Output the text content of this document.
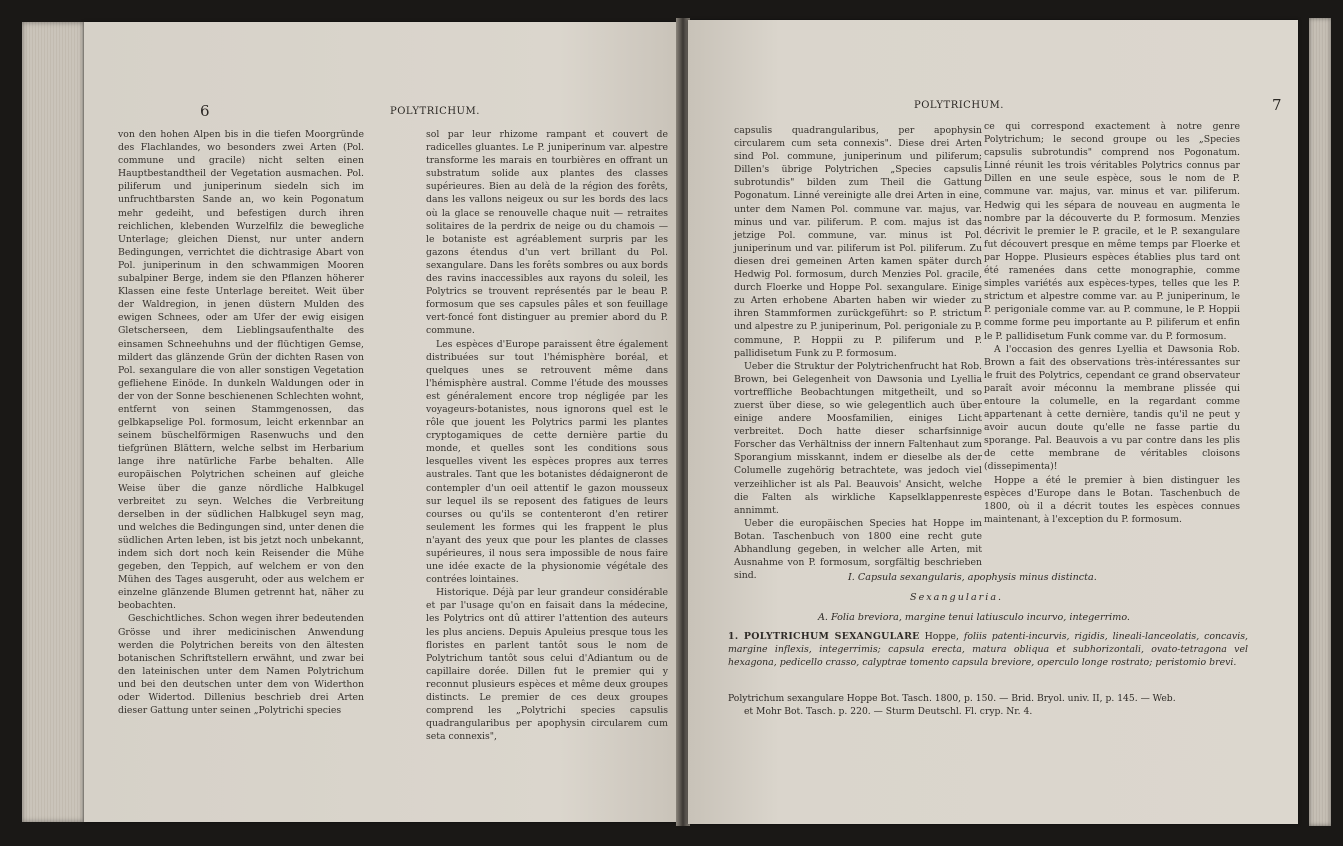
6	POLYTRICHUM.

von den hohen Alpen bis in die tiefen Moorgründe des Flachlandes, wo besonders zwei Arten (Pol. commune und gracile) nicht selten einen Hauptbestandtheil der Vegetation ausmachen. Pol. piliferum und juniperinum siedeln sich im unfruchtbarsten Sande an, wo kein Pogonatum mehr gedeiht, und befestigen durch ihren reichlichen, klebenden Wurzelfilz die bewegliche Unterlage; gleichen Dienst, nur unter andern Bedingungen, verrichtet die dichtrasige Abart von Pol. juniperinum in den schwammigen Mooren subalpiner Berge, indem sie den Pflanzen höherer Klassen eine feste Unterlage bereitet. Weit über der Waldregion, in jenen düstern Mulden des ewigen Schnees, oder am Ufer der ewig eisigen Gletscherseen, dem Lieblingsaufenthalte des einsamen Schneehuhns und der flüchtigen Gemse, mildert das glänzende Grün der dichten Rasen von Pol. sexangulare die von aller sonstigen Vegetation gefliehene Einöde. In dunkeln Waldungen oder in der von der Sonne beschienenen Schlechten wohnt, entfernt von seinen Stammgenossen, das gelbkapselige Pol. formosum, leicht erkennbar an seinem büschelförmigen Rasenwuchs und den tiefgrünen Blättern, welche selbst im Herbarium lange ihre natürliche Farbe behalten. Alle europäischen Polytrichen scheinen auf gleiche Weise über die ganze nördliche Halbkugel verbreitet zu seyn. Welches die Verbreitung derselben in der südlichen Halbkugel seyn mag, und welches die Bedingungen sind, unter denen die südlichen Arten leben, ist bis jetzt noch unbekannt, indem sich dort noch kein Reisender die Mühe gegeben, den Teppich, auf welchem er von den Mühen des Tages ausgeruht, oder aus welchem er einzelne glänzende Blumen getrennt hat, näher zu beobachten.

Geschichtliches. Schon wegen ihrer bedeutenden Grösse und ihrer medicinischen Anwendung werden die Polytrichen bereits von den ältesten botanischen Schriftstellern erwähnt, und zwar bei den lateinischen unter dem Namen Polytrichum und bei den deutschen unter dem von Widerthon oder Widertod. Dillenius beschrieb drei Arten dieser Gattung unter seinen „Polytrichi species

sol par leur rhizome rampant et couvert de radicelles gluantes. Le P. juniperinum var. alpestre transforme les marais en tourbières en offrant un substratum solide aux plantes des classes supérieures. Bien au delà de la région des forêts, dans les vallons neigeux ou sur les bords des lacs où la glace se renouvelle chaque nuit — retraites solitaires de la perdrix de neige ou du chamois — le botaniste est agréablement surpris par les gazons étendus d'un vert brillant du Pol. sexangulare. Dans les forêts sombres ou aux bords des ravins inaccessibles aux rayons du soleil, les Polytrics se trouvent représentés par le beau P. formosum que ses capsules pâles et son feuillage vert-foncé font distinguer au premier abord du P. commune.

Les espèces d'Europe paraissent être également distribuées sur tout l'hémisphère boréal, et quelques unes se retrouvent même dans l'hémisphère austral. Comme l'étude des mousses est généralement encore trop négligée par les voyageurs-botanistes, nous ignorons quel est le rôle que jouent les Polytrics parmi les plantes cryptogamiques de cette dernière partie du monde, et quelles sont les conditions sous lesquelles vivent les espèces propres aux terres australes. Tant que les botanistes dédaigneront de contempler d'un oeil attentif le gazon mousseux sur lequel ils se reposent des fatigues de leurs courses ou qu'ils se contenteront d'en retirer seulement les formes qui les frappent le plus n'ayant des yeux que pour les plantes de classes supérieures, il nous sera impossible de nous faire une idée exacte de la physionomie végétale des contrées lointaines.

Historique. Déjà par leur grandeur considérable et par l'usage qu'on en faisait dans la médecine, les Polytrics ont dû attirer l'attention des auteurs les plus anciens. Depuis Apuleius presque tous les floristes en parlent tantôt sous le nom de Polytrichum tantôt sous celui d'Adiantum ou de capillaire dorée. Dillen fut le premier qui y reconnut plusieurs espèces et même deux groupes distincts. Le premier de ces deux groupes comprend les „Polytrichi species capsulis quadrangularibus per apophysin circularem cum seta connexis",

7
POLYTRICHUM.

capsulis quadrangularibus, per apophysin circularem cum seta connexis". Diese drei Arten sind Pol. commune, juniperinum und piliferum; Dillen's übrige Polytrichen „Species capsulis subrotundis" bilden zum Theil die Gattung Pogonatum. Linné vereinigte alle drei Arten in eine, unter dem Namen Pol. commune var. majus, var. minus und var. piliferum. P. com. majus ist das jetzige Pol. commune, var. minus ist Pol. juniperinum und var. piliferum ist Pol. piliferum. Zu diesen drei gemeinen Arten kamen später durch Hedwig Pol. formosum, durch Menzies Pol. gracile, durch Floerke und Hoppe Pol. sexangulare. Einige zu Arten erhobene Abarten haben wir wieder zu ihren Stammformen zurückgeführt: so P. strictum und alpestre zu P. juniperinum, Pol. perigoniale zu P. commune, P. Hoppii zu P. piliferum und P. pallidisetum Funk zu P. formosum.

Ueber die Struktur der Polytrichenfrucht hat Rob. Brown, bei Gelegenheit von Dawsonia und Lyellia vortreffliche Beobachtungen mitgetheilt, und so zuerst über diese, so wie gelegentlich auch über einige andere Moosfamilien, einiges Licht verbreitet. Doch hatte dieser scharfsinnige Forscher das Verhältniss der innern Faltenhaut zum Sporangium misskannt, indem er dieselbe als der Columelle zugehörig betrachtete, was jedoch viel verzeihlicher ist als Pal. Beauvois' Ansicht, welche die Falten als wirkliche Kapselklappenreste annimmt.

Ueber die europäischen Species hat Hoppe im Botan. Taschenbuch von 1800 eine recht gute Abhandlung gegeben, in welcher alle Arten, mit Ausnahme von P. formosum, sorgfältig beschrieben sind.

ce qui correspond exactement à notre genre Polytrichum; le second groupe ou les „Species capsulis subrotundis" comprend nos Pogonatum. Linné réunit les trois véritables Polytrics connus par Dillen en une seule espèce, sous le nom de P. commune var. majus, var. minus et var. piliferum. Hedwig qui les sépara de nouveau en augmenta le nombre par la découverte du P. formosum. Menzies décrivit le premier le P. gracile, et le P. sexangulare fut découvert presque en même temps par Floerke et par Hoppe. Plusieurs espèces établies plus tard ont été ramenées dans cette monographie, comme simples variétés aux espèces-types, telles que les P. strictum et alpestre comme var. au P. juniperinum, le P. perigoniale comme var. au P. commune, le P. Hoppii comme forme peu importante au P. piliferum et enfin le P. pallidisetum Funk comme var. du P. formosum.

A l'occasion des genres Lyellia et Dawsonia Rob. Brown a fait des observations très-intéressantes sur le fruit des Polytrics, cependant ce grand observateur paraît avoir méconnu la membrane plissée qui entoure la columelle, en la regardant comme appartenant à cette dernière, tandis qu'il ne peut y avoir aucun doute qu'elle ne fasse partie du sporange. Pal. Beauvois a vu par contre dans les plis de cette membrane de véritables cloisons (dissepimenta)!

Hoppe a été le premier à bien distinguer les espèces d'Europe dans le Botan. Taschenbuch de 1800, où il a décrit toutes les espèces connues maintenant, à l'exception du P. formosum.

I. Capsula sexangularis, apophysis minus distincta.
Sexangularia.
A. Folia breviora, margine tenui latiusculo incurvo, integerrimo.
1. POLYTRICHUM SEXANGULARE Hoppe, foliis patenti-incurvis, rigidis, lineali-lanceolatis, concavis, margine inflexis, integerrimis; capsula erecta, matura obliqua et subhorizontali, ovato-tetragona vel hexagona, pedicello crasso, calyptrae tomento capsula breviore, operculo longe rostrato; peristomio brevi.
Polytrichum sexangulare Hoppe Bot. Tasch. 1800, p. 150. — Brid. Bryol. univ. II, p. 145. — Web.
et Mohr Bot. Tasch. p. 220. — Sturm Deutschl. Fl. cryp. Nr. 4.
